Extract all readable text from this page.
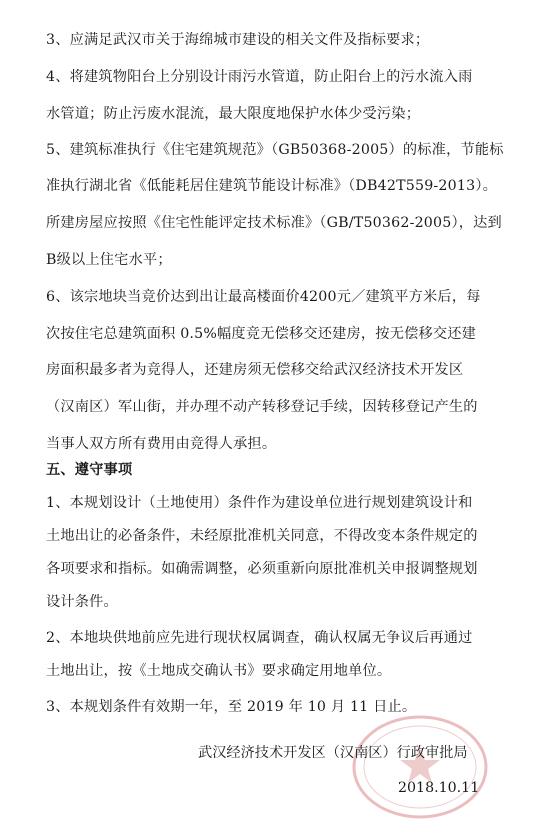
3、应满足武汉市关于海绵城市建设的相关文件及指标要求；
4、将建筑物阳台上分别设计雨污水管道，防止阳台上的污水流入雨
水管道；防止污废水混流，最大限度地保护水体少受污染；
5、建筑标准执行《住宅建筑规范》（GB50368-2005）的标准，节能标
准执行湖北省《低能耗居住建筑节能设计标准》（DB42T559-2013）。
所建房屋应按照《住宅性能评定技术标准》（GB/T50362-2005），达到
B级以上住宅水平；
6、该宗地块当竞价达到出让最高楼面价4200元／建筑平方米后，每
次按住宅总建筑面积 0.5%幅度竞无偿移交还建房，按无偿移交还建
房面积最多者为竞得人，还建房须无偿移交给武汉经济技术开发区
（汉南区）军山街，并办理不动产转移登记手续，因转移登记产生的
当事人双方所有费用由竞得人承担。
五、遵守事项
1、本规划设计（土地使用）条件作为建设单位进行规划建筑设计和
土地出让的必备条件，未经原批准机关同意，不得改变本条件规定的
各项要求和指标。如确需调整，必须重新向原批准机关申报调整规划
设计条件。
2、本地块供地前应先进行现状权属调查，确认权属无争议后再通过
土地出让，按《土地成交确认书》要求确定用地单位。
3、本规划条件有效期一年，至 2019 年 10 月 11 日止。
武汉经济技术开发区（汉南区）行政审批局
2018.10.11
